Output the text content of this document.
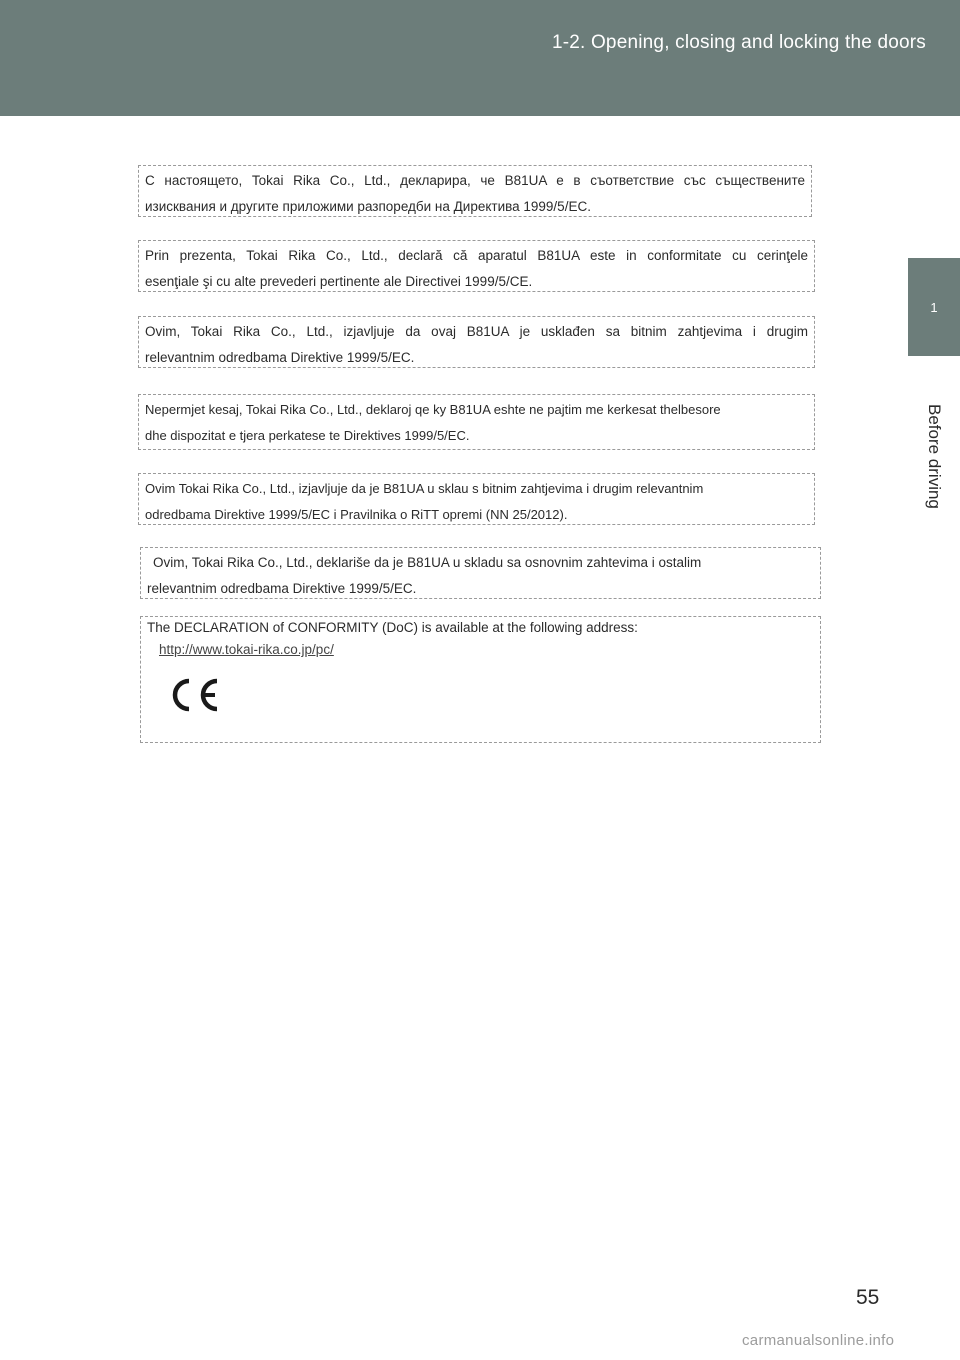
1-2. Opening, closing and locking the doors
1
Before driving

С настоящето, Tokai Rika Co., Ltd., декларира, че B81UA е в съответствие със съществените

изисквания и другите приложими разпоредби на Директива 1999/5/ЕС.

Prin prezenta, Tokai Rika Co., Ltd., declară că aparatul B81UA este in conformitate cu cerinţele

esenţiale şi cu alte prevederi pertinente ale Directivei 1999/5/CE.

Ovim, Tokai Rika Co., Ltd., izjavljuje da ovaj B81UA je usklađen sa bitnim zahtjevima i drugim

relevantnim odredbama Direktive 1999/5/EC.

Nepermjet kesaj, Tokai Rika Co., Ltd., deklaroj qe ky B81UA eshte ne pajtim me kerkesat thelbesore

dhe dispozitat e tjera perkatese te Direktives 1999/5/EC.

Ovim Tokai Rika Co., Ltd., izjavljuje da je B81UA u sklau s bitnim zahtjevima i drugim relevantnim

odredbama Direktive 1999/5/EC i Pravilnika o RiTT opremi (NN 25/2012).

Ovim, Tokai Rika Co., Ltd., deklariše da je B81UA u skladu sa osnovnim zahtevima i ostalim

relevantnim odredbama Direktive 1999/5/EC.

The DECLARATION of CONFORMITY (DoC) is available at the following address:

http://www.tokai-rika.co.jp/pc/

55
carmanualsonline.info
